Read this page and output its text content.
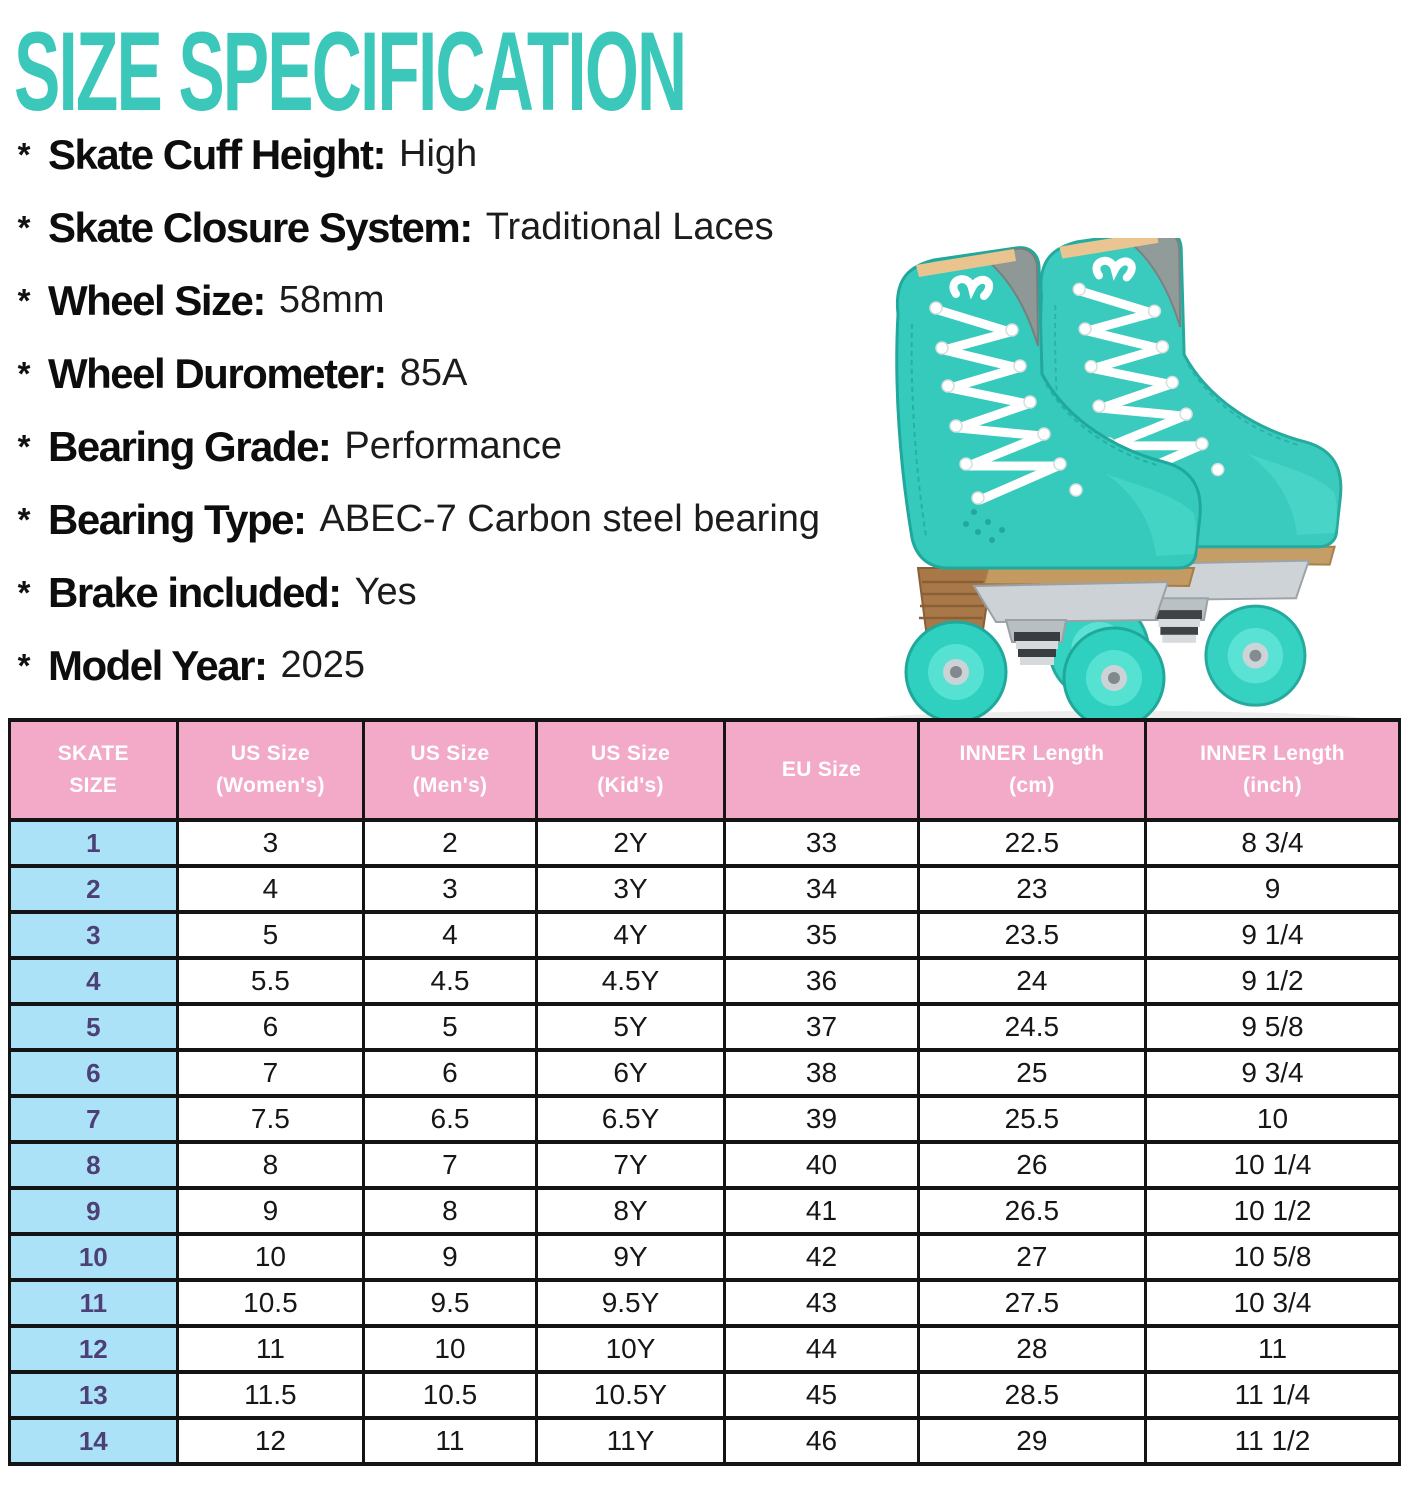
SIZE SPECIFICATION
* Skate Cuff Height: High
* Skate Closure System: Traditional Laces
* Wheel Size: 58mm
* Wheel Durometer: 85A
* Bearing Grade: Performance
* Bearing Type: ABEC-7 Carbon steel bearing
* Brake included: Yes
* Model Year: 2025
SKATE
SIZE

US Size
(Women's)

US Size
(Men's)

US Size
(Kid's)

EU Size

INNER Length
(cm)

INNER Length
(inch)

1	3	2	2Y	33	22.5	8 3/4
2	4	3	3Y	34	23	9
3	5	4	4Y	35	23.5	9 1/4
4	5.5	4.5	4.5Y	36	24	9 1/2
5	6	5	5Y	37	24.5	9 5/8
6	7	6	6Y	38	25	9 3/4
7	7.5	6.5	6.5Y	39	25.5	10
8	8	7	7Y	40	26	10 1/4
9	9	8	8Y	41	26.5	10 1/2
10	10	9	9Y	42	27	10 5/8
11	10.5	9.5	9.5Y	43	27.5	10 3/4
12	11	10	10Y	44	28	11
13	11.5	10.5	10.5Y	45	28.5	11 1/4
14	12	11	11Y	46	29	11 1/2
